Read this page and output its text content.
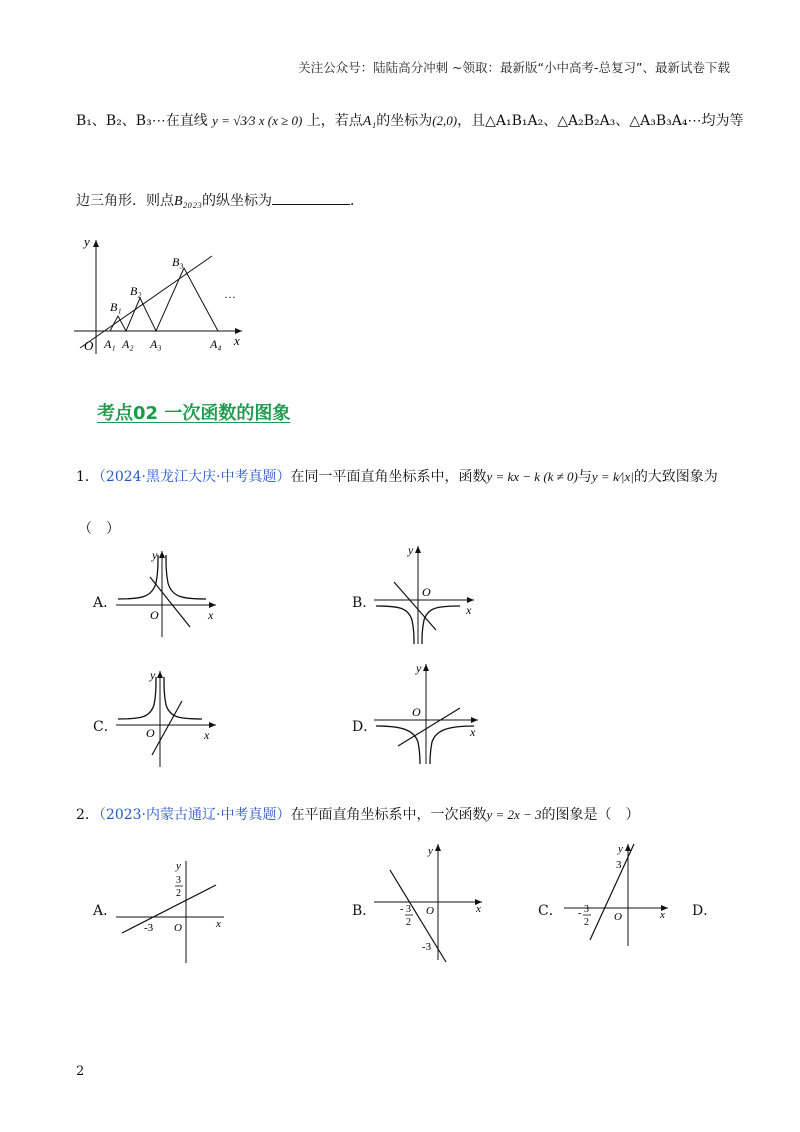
关注公众号：陆陆高分冲刺 ~领取：最新版“小中高考-总复习”、最新试卷下载
B₁、B₂、B₃⋯在直线 y = √3⁄3 x (x ≥ 0) 上，若点A₁的坐标为(2,0)，且△A₁B₁A₂、△A₂B₂A₃、△A₃B₃A₄⋯均为等
边三角形．则点B₂₀₂₃的纵坐标为	．
y
x
O A₁ A₂ A₃	A₄
B₁
B₂
B₃
…
考点02 一次函数的图象
1．（2024·黑龙江大庆·中考真题）在同一平面直角坐标系中，函数y = kx − k (k ≠ 0)与y = k⁄|x|的大致图象为
（　）
A．	B．
C．	D．
y
x
O
y
x
O
y
x
O
y
x
O
2．（2023·内蒙古通辽·中考真题）在平面直角坐标系中，一次函数y = 2x − 3的图象是（　）
A．	B．	C．	D．
y
x
O
-3
3
2
y
x
O
- 3
2
-3
y
x
O
3
- 3
2
2
